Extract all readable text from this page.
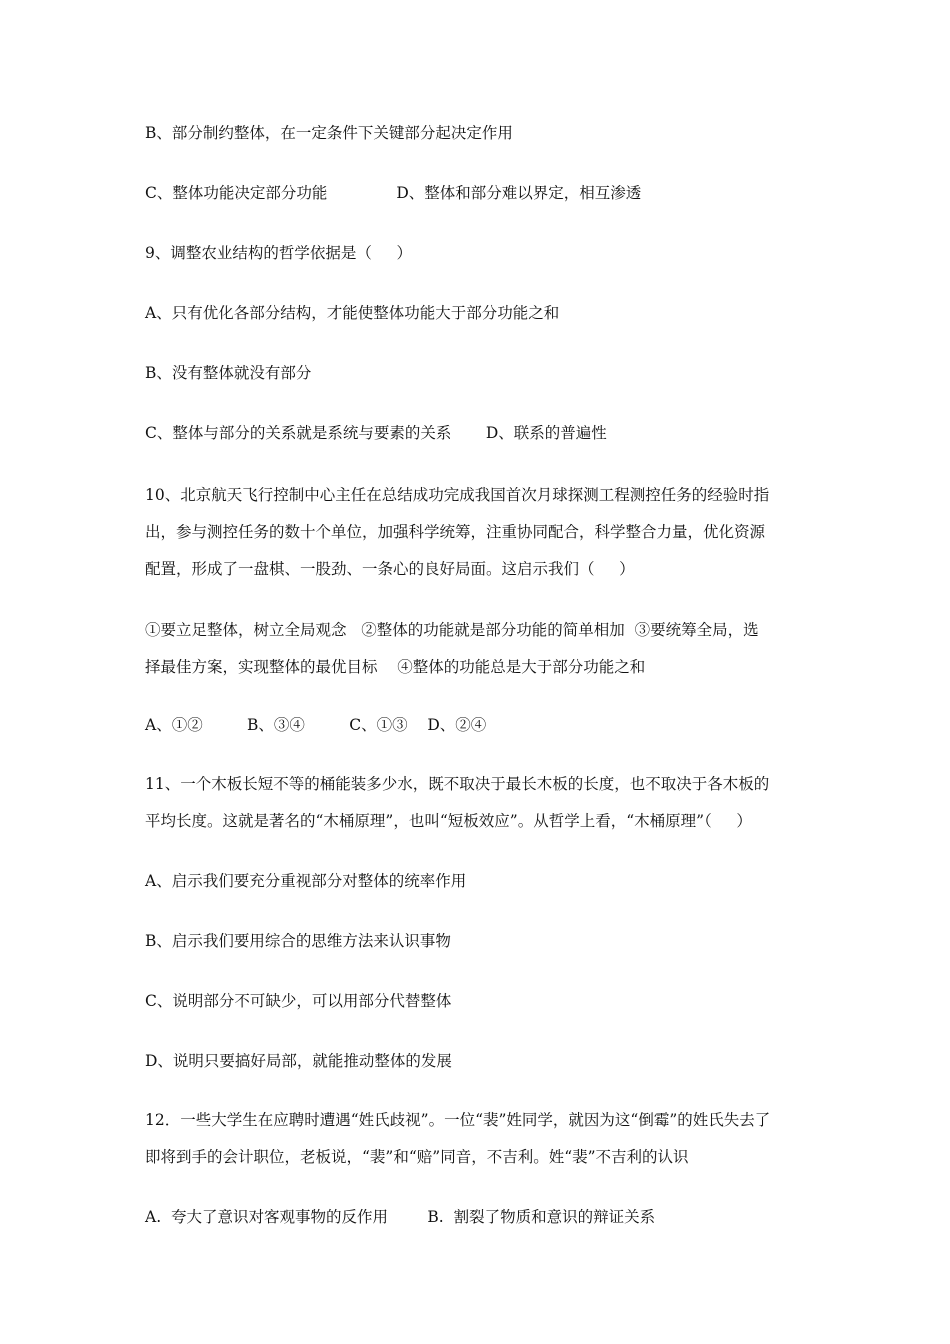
B、部分制约整体，在一定条件下关键部分起决定作用

C、整体功能决定部分功能              D、整体和部分难以界定，相互渗透

9、调整农业结构的哲学依据是（     ）

A、只有优化各部分结构，才能使整体功能大于部分功能之和

B、没有整体就没有部分

C、整体与部分的关系就是系统与要素的关系       D、联系的普遍性

10、北京航天飞行控制中心主任在总结成功完成我国首次月球探测工程测控任务的经验时指

出，参与测控任务的数十个单位，加强科学统筹，注重协同配合，科学整合力量，优化资源

配置，形成了一盘棋、一股劲、一条心的良好局面。这启示我们（     ）

①要立足整体，树立全局观念   ②整体的功能就是部分功能的简单相加  ③要统筹全局，选

择最佳方案，实现整体的最优目标    ④整体的功能总是大于部分功能之和

A、①②         B、③④         C、①③    D、②④

11、一个木板长短不等的桶能装多少水，既不取决于最长木板的长度，也不取决于各木板的

平均长度。这就是著名的“木桶原理”，也叫“短板效应”。从哲学上看，“木桶原理”（     ）

A、启示我们要充分重视部分对整体的统率作用

B、启示我们要用综合的思维方法来认识事物

C、说明部分不可缺少，可以用部分代替整体

D、说明只要搞好局部，就能推动整体的发展

12．一些大学生在应聘时遭遇“姓氏歧视”。一位“裴”姓同学，就因为这“倒霉”的姓氏失去了

即将到手的会计职位，老板说，“裴”和“赔”同音，不吉利。姓“裴”不吉利的认识

A.  夸大了意识对客观事物的反作用        B.  割裂了物质和意识的辩证关系
